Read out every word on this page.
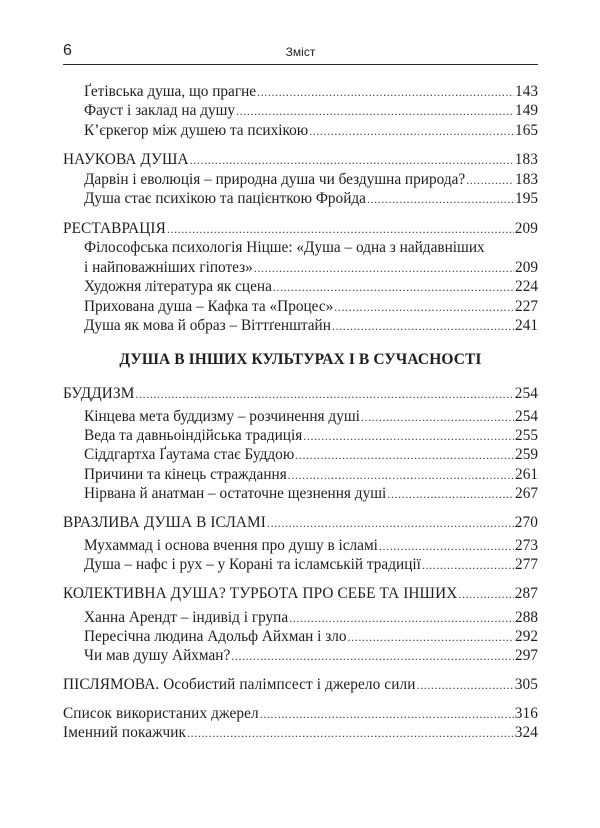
6	Зміст
Ґетівська душа, що прагне .....	143
Фауст і заклад на душу .....	149
К’єркегор між душею та психікою .....	165
НАУКОВА ДУША .....	183
Дарвін і еволюція – природна душа чи бездушна природа? .....	183
Душа стає психікою та пацієнткою Фройда .....	195
РЕСТАВРАЦІЯ .....	209
Філософська психологія Ніцше: «Душа – одна з найдавніших
і найповажніших гіпотез» .....	209
Художня література як сцена .....	224
Прихована душа – Кафка та «Процес» .....	227
Душа як мова й образ – Віттґенштайн .....	241
ДУША В ІНШИХ КУЛЬТУРАХ І В СУЧАСНОСТІ
БУДДИЗМ .....	254
Кінцева мета буддизму – розчинення душі .....	254
Веда та давньоіндійська традиція .....	255
Сіддгартха Ґаутама стає Буддою .....	259
Причини та кінець страждання .....	261
Нірвана й анатман – остаточне щезнення душі .....	267
ВРАЗЛИВА ДУША В ІСЛАМІ .....	270
Мухаммад і основа вчення про душу в ісламі .....	273
Душа – нафс і рух – у Корані та ісламській традиції .....	277
КОЛЕКТИВНА ДУША? ТУРБОТА ПРО СЕБЕ ТА ІНШИХ .....	287
Ханна Арендт – індивід і група .....	288
Пересічна людина Адольф Айхман і зло .....	292
Чи мав душу Айхман? .....	297
ПІСЛЯМОВА. Особистий палімпсест і джерело сили .....	305
Список використаних джерел .....	316
Іменний покажчик .....	324
